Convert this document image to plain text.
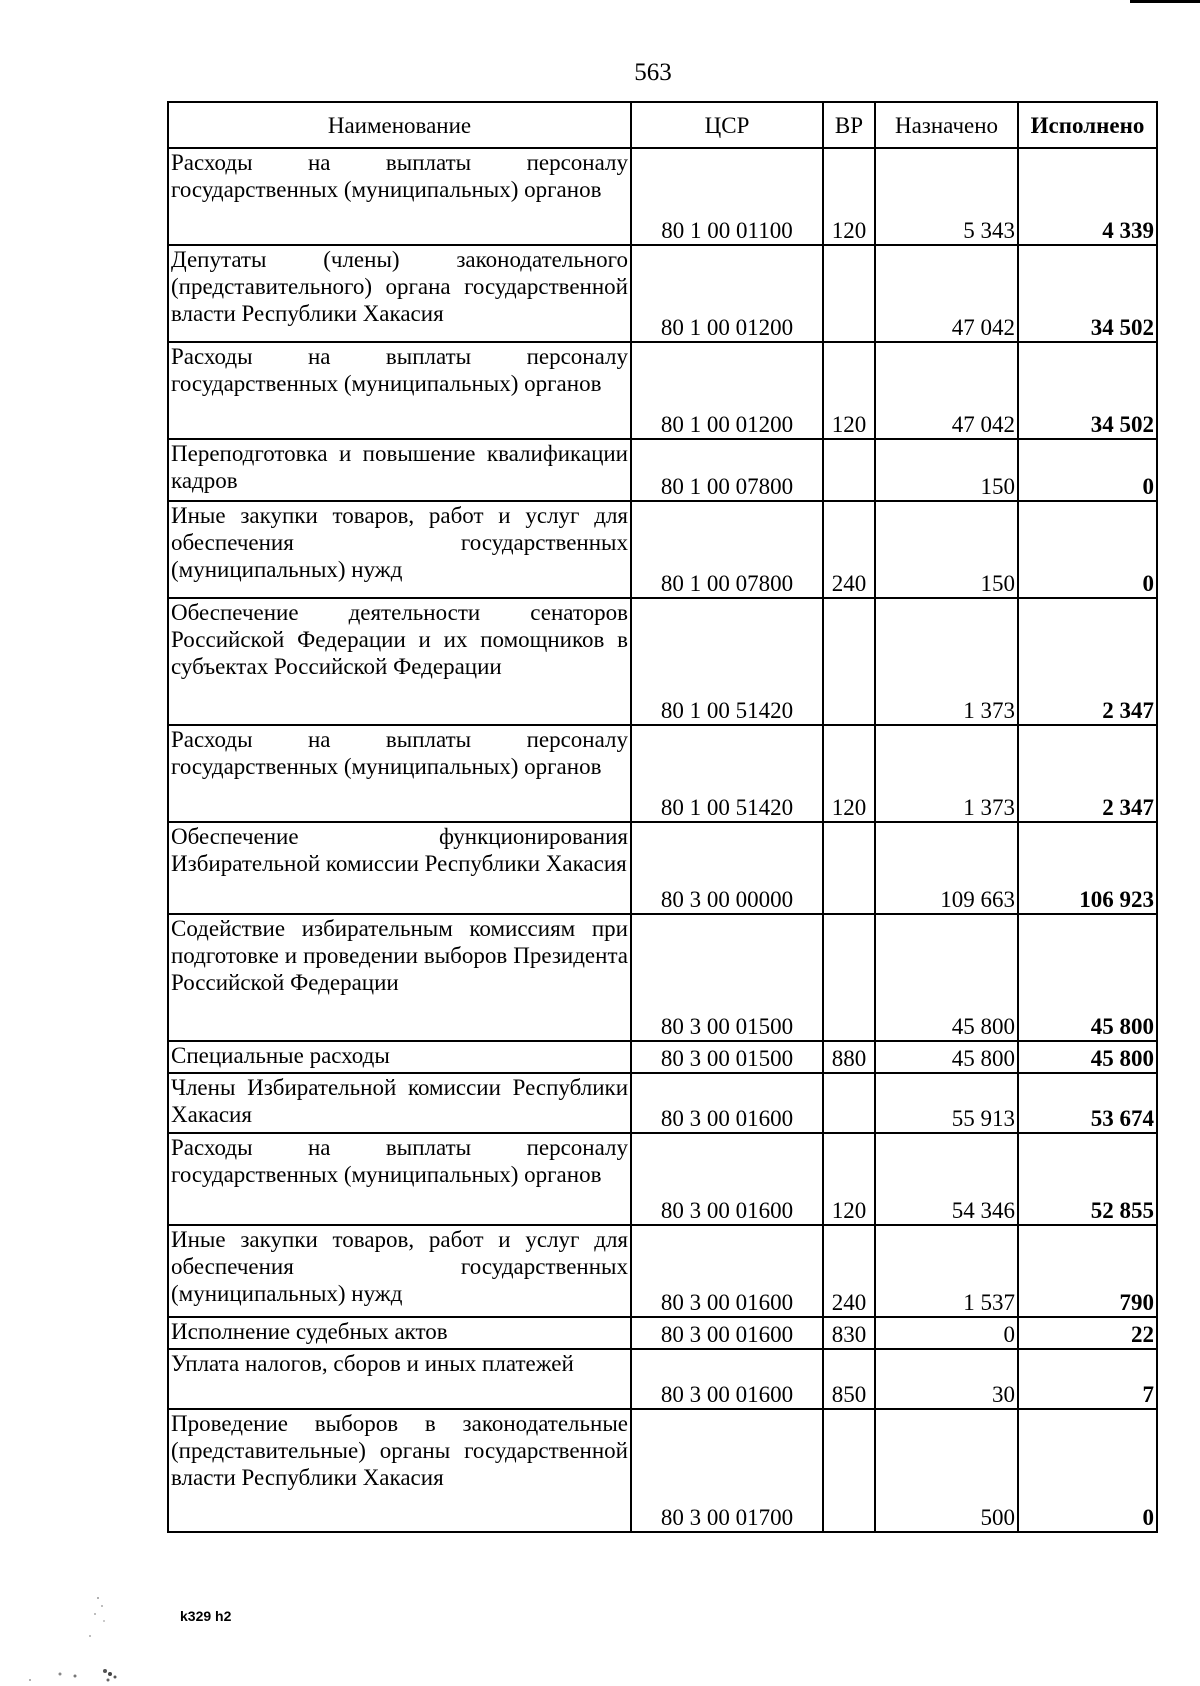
563
Наименование	ЦСР	ВР	Назначено	Исполнено
Расходы на выплаты персоналу государственных (муниципальных) органов	80 1 00 01100	120	5 343	4 339
Депутаты (члены) законодательного (представительного) органа государственной власти Республики Хакасия	80 1 00 01200		47 042	34 502
Расходы на выплаты персоналу государственных (муниципальных) органов	80 1 00 01200	120	47 042	34 502
Переподготовка и повышение квалификации кадров	80 1 00 07800		150	0
Иные закупки товаров, работ и услуг для обеспечения государственных (муниципальных) нужд	80 1 00 07800	240	150	0
Обеспечение деятельности сенаторов Российской Федерации и их помощников в субъектах Российской Федерации	80 1 00 51420		1 373	2 347
Расходы на выплаты персоналу государственных (муниципальных) органов	80 1 00 51420	120	1 373	2 347
Обеспечение функционирования Избирательной комиссии Республики Хакасия	80 3 00 00000		109 663	106 923
Содействие избирательным комиссиям при подготовке и проведении выборов Президента Российской Федерации	80 3 00 01500		45 800	45 800
Специальные расходы	80 3 00 01500	880	45 800	45 800
Члены Избирательной комиссии Республики Хакасия	80 3 00 01600		55 913	53 674
Расходы на выплаты персоналу государственных (муниципальных) органов	80 3 00 01600	120	54 346	52 855
Иные закупки товаров, работ и услуг для обеспечения государственных (муниципальных) нужд	80 3 00 01600	240	1 537	790
Исполнение судебных актов	80 3 00 01600	830	0	22
Уплата налогов, сборов и иных платежей	80 3 00 01600	850	30	7
Проведение выборов в законодательные (представительные) органы государственной власти Республики Хакасия	80 3 00 01700		500	0
k329 h2
